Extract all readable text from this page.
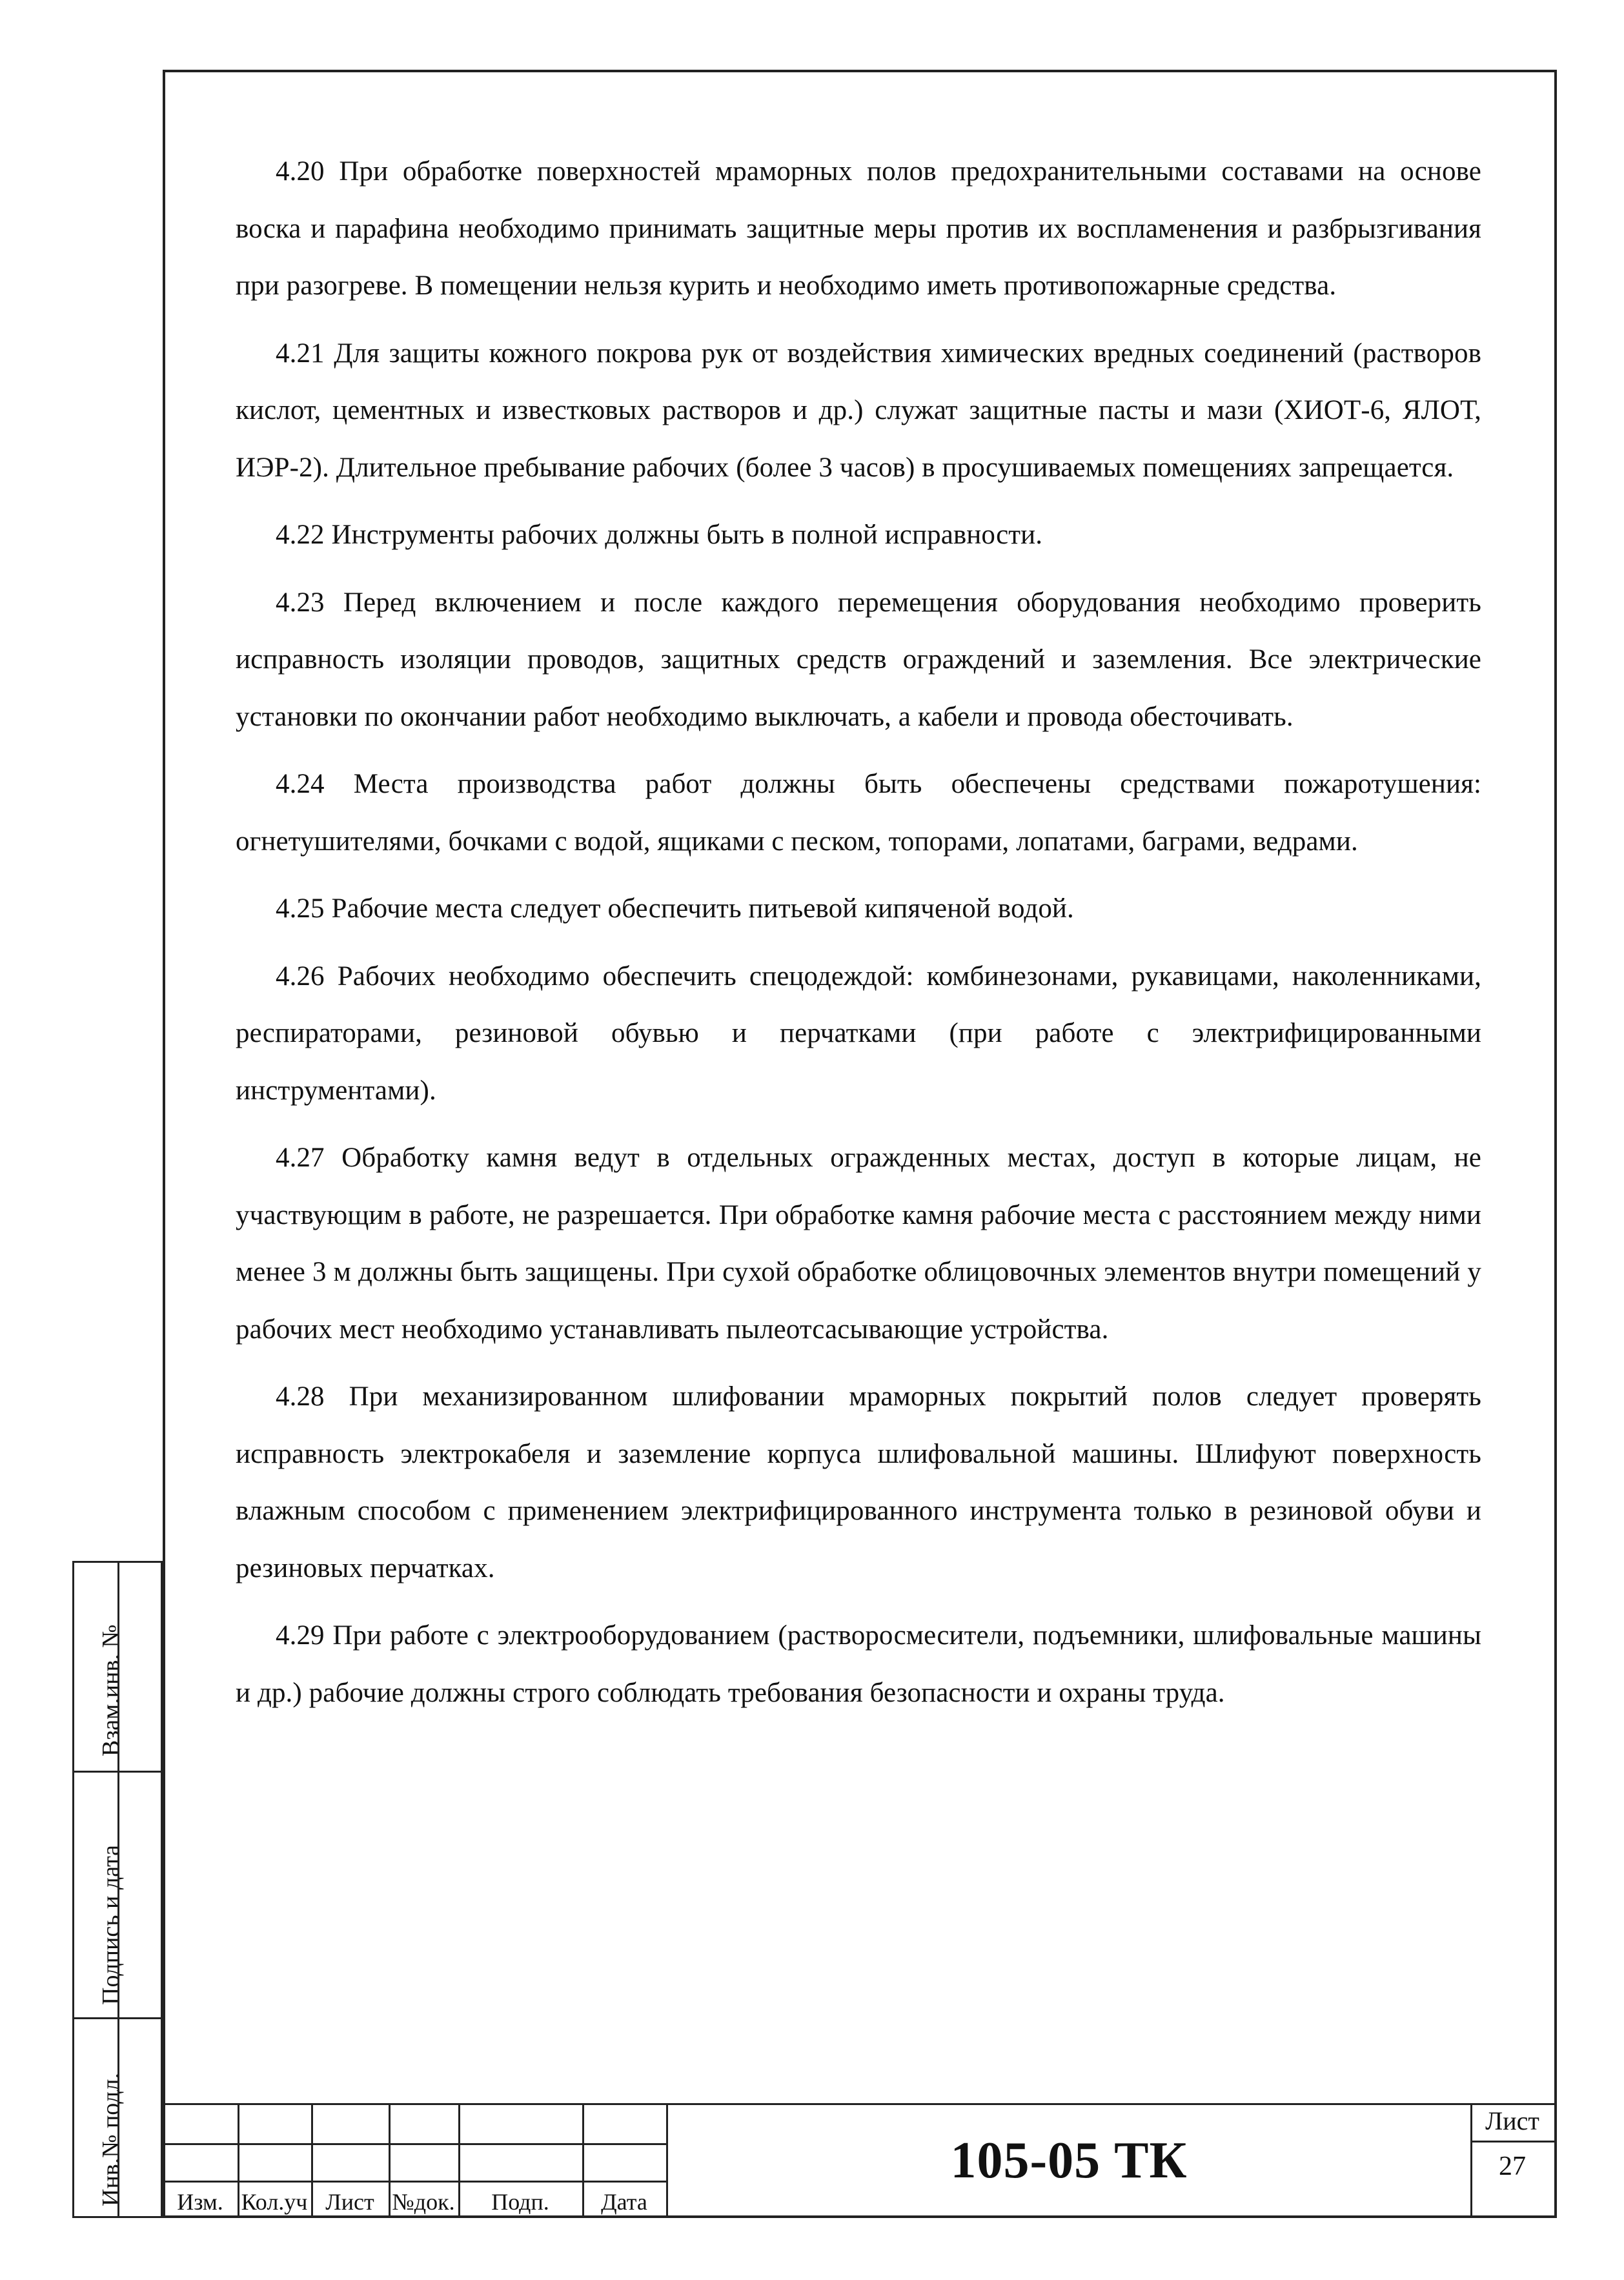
4.20 При обработке поверхностей мраморных полов предохранительными составами на основе воска и парафина необходимо принимать защитные меры против их воспламенения и разбрызгивания при разогреве. В помещении нельзя курить и необходимо иметь противопожарные средства.

4.21 Для защиты кожного покрова рук от воздействия химических вредных соединений (растворов кислот, цементных и известковых растворов и др.) служат защитные пасты и мази (ХИОТ-6, ЯЛОТ, ИЭР-2). Длительное пребывание рабочих (более 3 часов) в просушиваемых помещениях запрещается.

4.22 Инструменты рабочих должны быть в полной исправности.

4.23 Перед включением и после каждого перемещения оборудования необходимо проверить исправность изоляции проводов, защитных средств ограждений и заземления. Все электрические установки по окончании работ необходимо выключать, а кабели и провода обесточивать.

4.24 Места производства работ должны быть обеспечены средствами пожаротушения: огнетушителями, бочками с водой, ящиками с песком, топорами, лопатами, баграми, ведрами.

4.25 Рабочие места следует обеспечить питьевой кипяченой водой.

4.26 Рабочих необходимо обеспечить спецодеждой: комбинезонами, рукавицами, наколенниками, респираторами, резиновой обувью и перчатками (при работе с электрифицированными инструментами).

4.27 Обработку камня ведут в отдельных огражденных местах, доступ в которые лицам, не участвующим в работе, не разрешается. При обработке камня рабочие места с расстоянием между ними менее 3 м должны быть защищены. При сухой обработке облицовочных элементов внутри помещений у рабочих мест необходимо устанавливать пылеотсасывающие устройства.

4.28 При механизированном шлифовании мраморных покрытий полов следует проверять исправность электрокабеля и заземление корпуса шлифовальной машины. Шлифуют поверхность влажным способом с применением электрифицированного инструмента только в резиновой обуви и резиновых перчатках.

4.29 При работе с электрооборудованием (растворосмесители, подъемники, шлифовальные машины и др.) рабочие должны строго соблюдать требования безопасности и охраны труда.

Взам.инв. №
Подпись и дата
Инв.№ подл.	Изм. Кол.уч Лист №док.	Подп.	Дата
105-05 ТК
Лист
27
